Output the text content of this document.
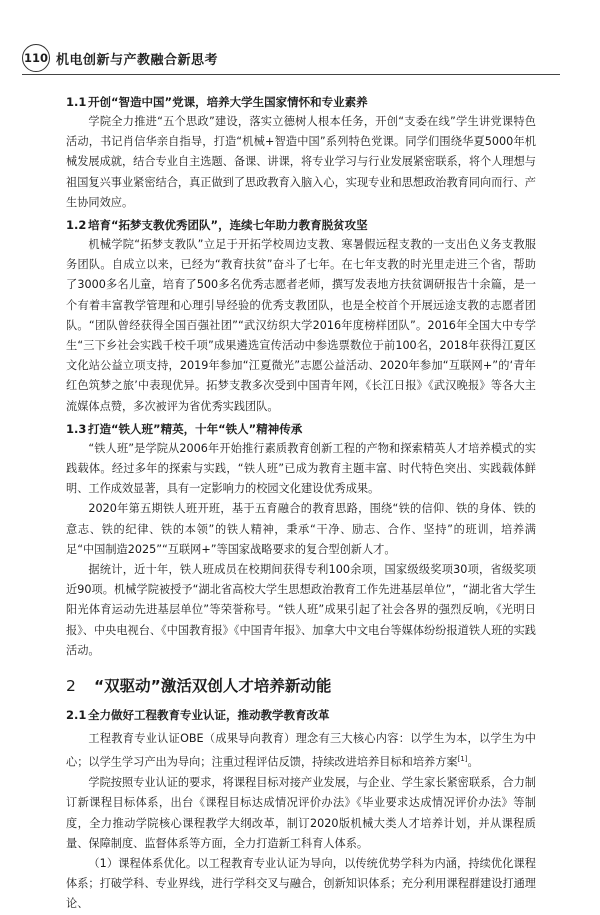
110 机电创新与产教融合新思考

1.1 开创“智造中国”党课，培养大学生国家情怀和专业素养

学院全力推进“五个思政”建设，落实立德树人根本任务，开创“支委在线”学生讲党课特色活动，书记肖信华亲自指导，打造“机械+智造中国”系列特色党课。同学们围绕华夏5000年机械发展成就，结合专业自主选题、备课、讲课，将专业学习与行业发展紧密联系，将个人理想与祖国复兴事业紧密结合，真正做到了思政教育入脑入心，实现专业和思想政治教育同向而行、产生协同效应。

1.2 培育“拓梦支教优秀团队”，连续七年助力教育脱贫攻坚

机械学院“拓梦支教队”立足于开拓学校周边支教、寒暑假远程支教的一支出色义务支教服务团队。自成立以来，已经为“教育扶贫”奋斗了七年。在七年支教的时光里走进三个省，帮助了3000多名儿童，培育了500多名优秀志愿者老师，撰写发表地方扶贫调研报告十余篇，是一个有着丰富教学管理和心理引导经验的优秀支教团队，也是全校首个开展远途支教的志愿者团队。“团队曾经获得全国百强社团”“武汉纺织大学2016年度榜样团队”。2016年全国大中专学生“三下乡社会实践千校千项”成果遴选宣传活动中参选票数位于前100名，2018年获得江夏区文化站公益立项支持，2019年参加“江夏微光”志愿公益活动、2020年参加“互联网+”的‘青年红色筑梦之旅’中表现优异。拓梦支教多次受到中国青年网，《长江日报》《武汉晚报》等各大主流媒体点赞，多次被评为省优秀实践团队。

1.3 打造“铁人班”精英，十年“铁人”精神传承

“铁人班”是学院从2006年开始推行素质教育创新工程的产物和探索精英人才培养模式的实践载体。经过多年的探索与实践，“铁人班”已成为教育主题丰富、时代特色突出、实践载体鲜明、工作成效显著，具有一定影响力的校园文化建设优秀成果。

2020年第五期铁人班开班，基于五育融合的教育思路，围绕“铁的信仰、铁的身体、铁的意志、铁的纪律、铁的本领”的铁人精神，秉承“干净、励志、合作、坚持”的班训，培养满足“中国制造2025”“互联网+”等国家战略要求的复合型创新人才。

据统计，近十年，铁人班成员在校期间获得专利100余项，国家级级奖项30项，省级奖项近90项。机械学院被授予“湖北省高校大学生思想政治教育工作先进基层单位”，“湖北省大学生阳光体育运动先进基层单位”等荣誉称号。“铁人班”成果引起了社会各界的强烈反响，《光明日报》、中央电视台、《中国教育报》《中国青年报》、加拿大中文电台等媒体纷纷报道铁人班的实践活动。

2 “双驱动”激活双创人才培养新动能

2.1 全力做好工程教育专业认证，推动教学教育改革

工程教育专业认证OBE（成果导向教育）理念有三大核心内容：以学生为本，以学生为中心；以学生学习产出为导向；注重过程评估反馈，持续改进培养目标和培养方案[1]。

学院按照专业认证的要求，将课程目标对接产业发展，与企业、学生家长紧密联系，合力制订新课程目标体系，出台《课程目标达成情况评价办法》《毕业要求达成情况评价办法》等制度，全力推动学院核心课程教学大纲改革，制订2020版机械大类人才培养计划，并从课程质量、保障制度、监督体系等方面，全力打造新工科育人体系。

（1）课程体系优化。以工程教育专业认证为导向，以传统优势学科为内涵，持续优化课程体系；打破学科、专业界线，进行学科交叉与融合，创新知识体系；充分利用课程群建设打通理论、
